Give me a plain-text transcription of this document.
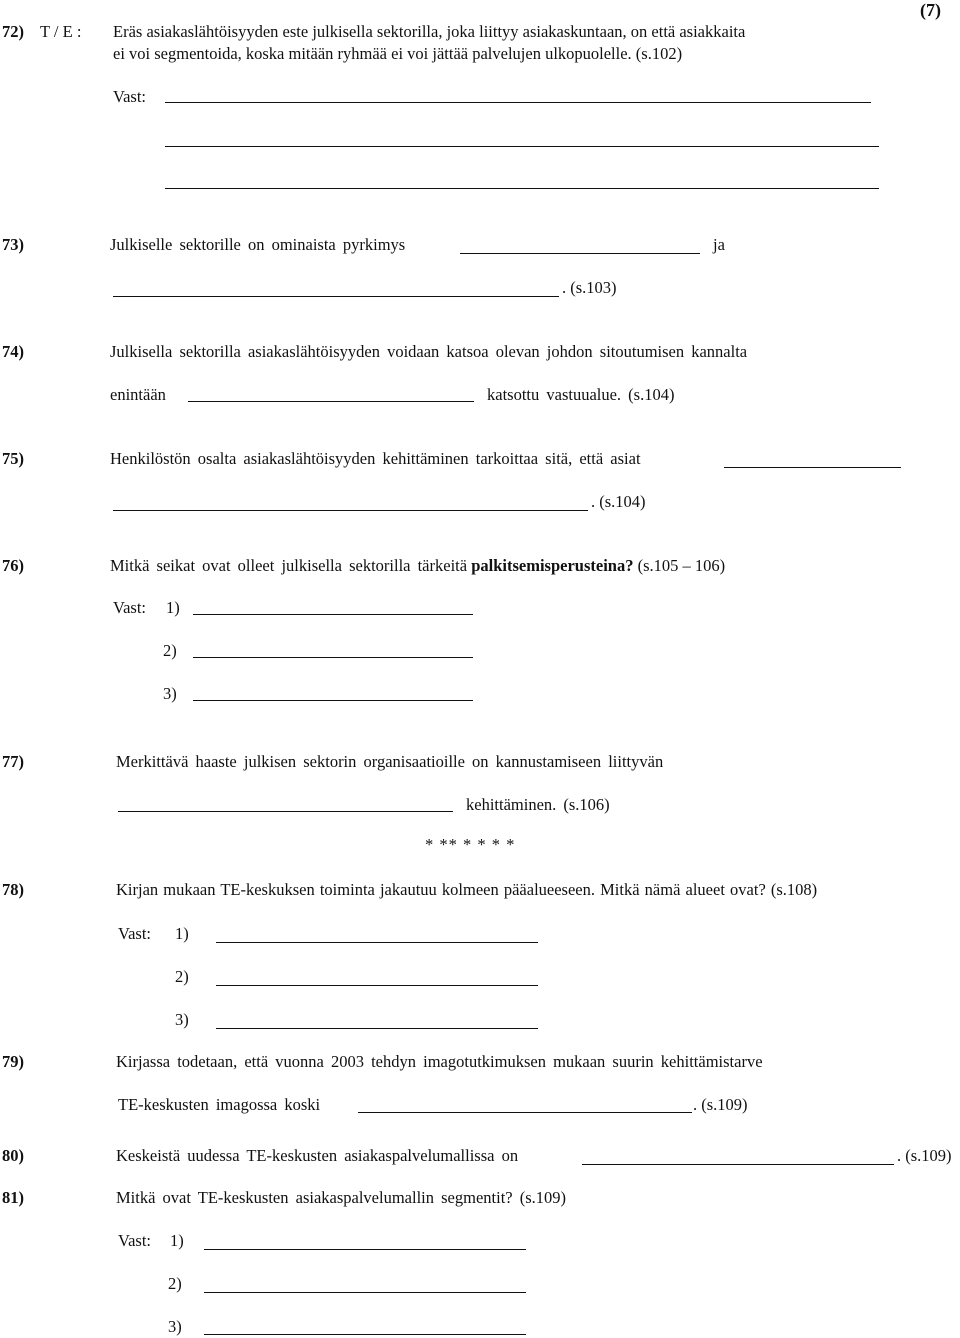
(7)
72) T / E : Eräs asiakaslähtöisyyden este julkisella sektorilla, joka liittyy asiakaskuntaan, on että asiakkaita
ei voi segmentoida, koska mitään ryhmää ei voi jättää palvelujen ulkopuolelle. (s.102)
Vast:
73)	Julkiselle sektorille on ominaista pyrkimys	ja
. (s.103)
74)	Julkisella sektorilla asiakaslähtöisyyden voidaan katsoa olevan johdon sitoutumisen kannalta
enintään	katsottu vastuualue. (s.104)
75)	Henkilöstön osalta asiakaslähtöisyyden kehittäminen tarkoittaa sitä, että asiat
. (s.104)
76)	Mitkä seikat ovat olleet julkisella sektorilla tärkeitä palkitsemisperusteina? (s.105 – 106)
Vast: 1)
2)
3)
77)	Merkittävä haaste julkisen sektorin organisaatioille on kannustamiseen liittyvän
kehittäminen. (s.106)
* ** * * * *
78)	Kirjan mukaan TE-keskuksen toiminta jakautuu kolmeen pääalueeseen. Mitkä nämä alueet ovat? (s.108)
Vast: 1)
2)
3)
79)	Kirjassa todetaan, että vuonna 2003 tehdyn imagotutkimuksen mukaan suurin kehittämistarve
TE-keskusten imagossa koski	. (s.109)
80)	Keskeistä uudessa TE-keskusten asiakaspalvelumallissa on	. (s.109)
81)	Mitkä ovat TE-keskusten asiakaspalvelumallin segmentit? (s.109)
Vast: 1)
2)
3)
